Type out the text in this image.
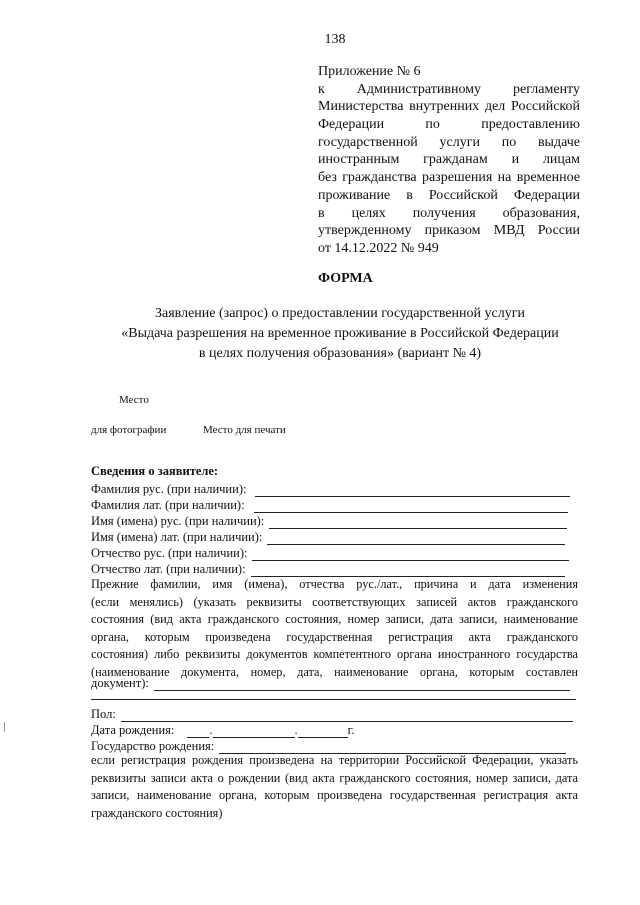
138
Приложение № 6
к Административному регламенту
Министерства внутренних дел Российской
Федерации по предоставлению
государственной услуги по выдаче
иностранным гражданам и лицам
без гражданства разрешения на временное
проживание в Российской Федерации
в целях получения образования,
утвержденному приказом МВД России
от 14.12.2022 № 949
ФОРМА
Заявление (запрос) о предоставлении государственной услуги
«Выдача разрешения на временное проживание в Российской Федерации
в целях получения образования» (вариант № 4)
Место
для фотографии	Место для печати
Сведения о заявителе:
Фамилия рус. (при наличии):
Фамилия лат. (при наличии):
Имя (имена) рус. (при наличии):
Имя (имена) лат. (при наличии):
Отчество рус. (при наличии):
Отчество лат. (при наличии):
Прежние фамилии, имя (имена), отчества рус./лат., причина и дата изменения
(если менялись) (указать реквизиты соответствующих записей актов гражданского
состояния (вид акта гражданского состояния, номер записи, дата записи, наименование
органа, которым произведена государственная регистрация акта гражданского
состояния) либо реквизиты документов компетентного органа иностранного государства
(наименование документа, номер, дата, наименование органа, которым составлен
документ):
Пол:
Дата рождения:	.	.	г.
Государство рождения:
если регистрация рождения произведена на территории Российской Федерации, указать
реквизиты записи акта о рождении (вид акта гражданского состояния, номер записи, дата
записи, наименование органа, которым произведена государственная регистрация акта
гражданского состояния)
